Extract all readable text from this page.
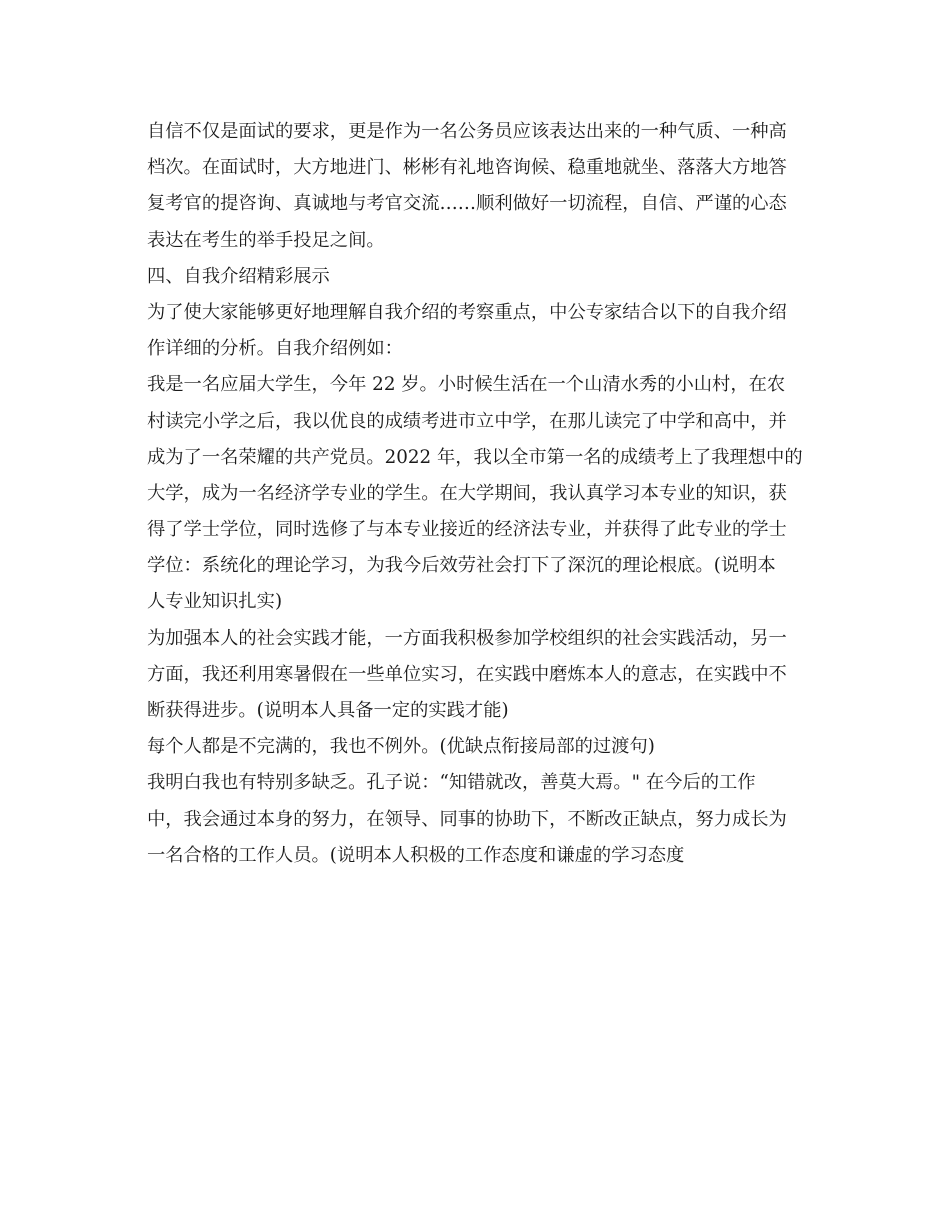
自信不仅是面试的要求，更是作为一名公务员应该表达出来的一种气质、一种高
档次。在面试时，大方地进门、彬彬有礼地咨询候、稳重地就坐、落落大方地答
复考官的提咨询、真诚地与考官交流……顺利做好一切流程，自信、严谨的心态
表达在考生的举手投足之间。
四、自我介绍精彩展示
为了使大家能够更好地理解自我介绍的考察重点，中公专家结合以下的自我介绍
作详细的分析。自我介绍例如：
我是一名应届大学生，今年 22 岁。小时候生活在一个山清水秀的小山村，在农
村读完小学之后，我以优良的成绩考进市立中学，在那儿读完了中学和高中，并
成为了一名荣耀的共产党员。2022 年，我以全市第一名的成绩考上了我理想中的
大学，成为一名经济学专业的学生。在大学期间，我认真学习本专业的知识，获
得了学士学位，同时选修了与本专业接近的经济法专业，并获得了此专业的学士
学位：系统化的理论学习，为我今后效劳社会打下了深沉的理论根底。(说明本
人专业知识扎实)
为加强本人的社会实践才能，一方面我积极参加学校组织的社会实践活动，另一
方面，我还利用寒暑假在一些单位实习，在实践中磨炼本人的意志，在实践中不
断获得进步。(说明本人具备一定的实践才能)
每个人都是不完满的，我也不例外。(优缺点衔接局部的过渡句)
我明白我也有特别多缺乏。孔子说：“知错就改，善莫大焉。" 在今后的工作
中，我会通过本身的努力，在领导、同事的协助下，不断改正缺点，努力成长为
一名合格的工作人员。(说明本人积极的工作态度和谦虚的学习态度
